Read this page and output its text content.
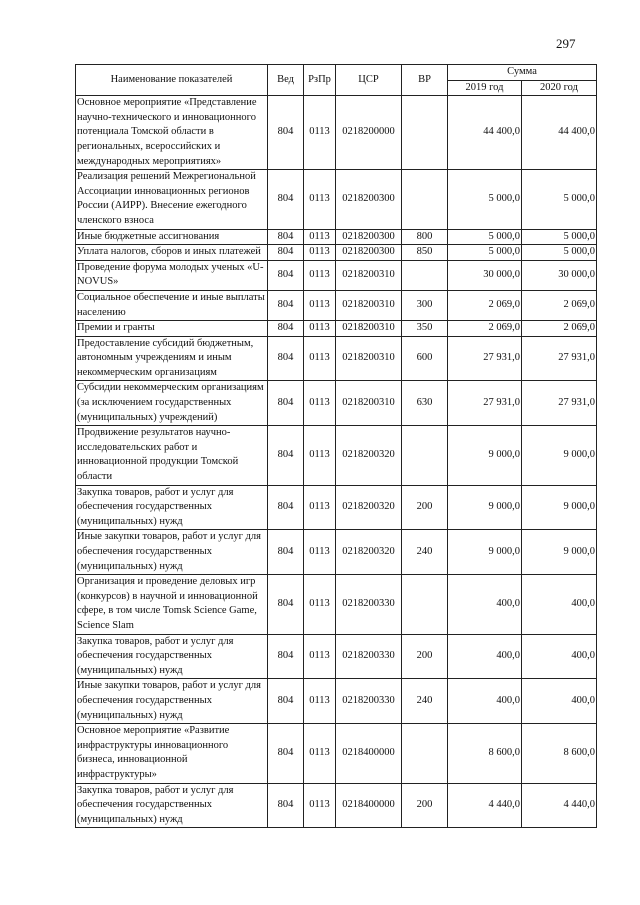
297
Наименование показателей	Вед	РзПр	ЦСР	ВР	Сумма	
					2019 год	2020 год
Основное мероприятие «Представление научно-технического и инновационного потенциала Томской области в региональных, всероссийских и международных мероприятиях»	804	0113	0218200000		44 400,0	44 400,0
Реализация решений Межрегиональной Ассоциации инновационных регионов России (АИРР). Внесение ежегодного членского взноса	804	0113	0218200300		5 000,0	5 000,0
Иные бюджетные ассигнования	804	0113	0218200300	800	5 000,0	5 000,0
Уплата налогов, сборов и иных платежей	804	0113	0218200300	850	5 000,0	5 000,0
Проведение форума молодых ученых «U-NOVUS»	804	0113	0218200310		30 000,0	30 000,0
Социальное обеспечение и иные выплаты населению	804	0113	0218200310	300	2 069,0	2 069,0
Премии и гранты	804	0113	0218200310	350	2 069,0	2 069,0
Предоставление субсидий бюджетным, автономным учреждениям и иным некоммерческим организациям	804	0113	0218200310	600	27 931,0	27 931,0
Субсидии некоммерческим организациям (за исключением государственных (муниципальных) учреждений)	804	0113	0218200310	630	27 931,0	27 931,0
Продвижение результатов научно-исследовательских работ и инновационной продукции Томской области	804	0113	0218200320		9 000,0	9 000,0
Закупка товаров, работ и услуг для обеспечения государственных (муниципальных) нужд	804	0113	0218200320	200	9 000,0	9 000,0
Иные закупки товаров, работ и услуг для обеспечения государственных (муниципальных) нужд	804	0113	0218200320	240	9 000,0	9 000,0
Организация и проведение деловых игр (конкурсов) в научной и инновационной сфере, в том числе Tomsk Science Game, Science Slam	804	0113	0218200330		400,0	400,0
Закупка товаров, работ и услуг для обеспечения государственных (муниципальных) нужд	804	0113	0218200330	200	400,0	400,0
Иные закупки товаров, работ и услуг для обеспечения государственных (муниципальных) нужд	804	0113	0218200330	240	400,0	400,0
Основное мероприятие «Развитие инфраструктуры инновационного бизнеса, инновационной инфраструктуры»	804	0113	0218400000		8 600,0	8 600,0
Закупка товаров, работ и услуг для обеспечения государственных (муниципальных) нужд	804	0113	0218400000	200	4 440,0	4 440,0
